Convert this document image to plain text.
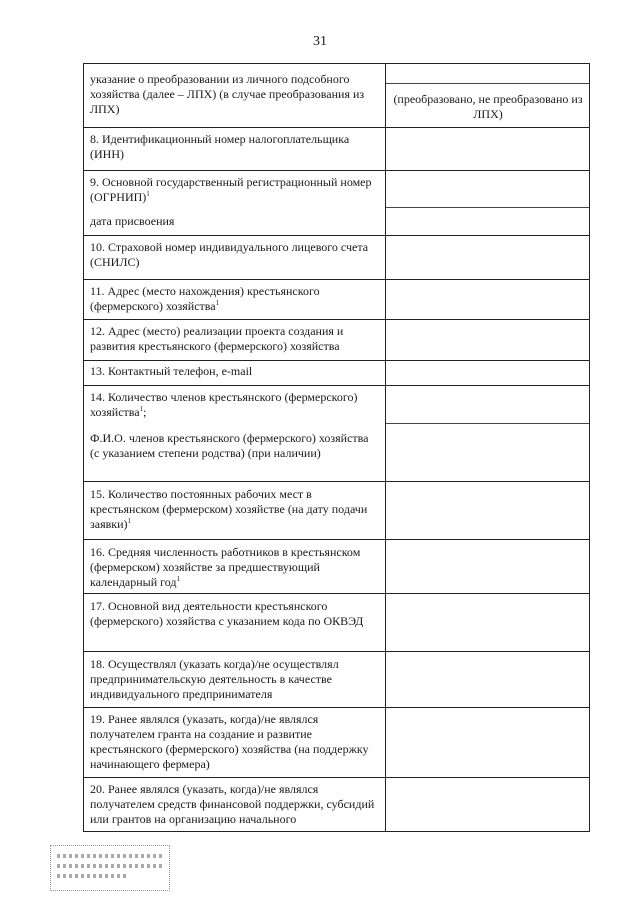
31
указание о преобразовании из личного подсобного хозяйства (далее – ЛПХ) (в случае преобразования из ЛПХ)
(преобразовано, не преобразовано из ЛПХ)
8. Идентификационный номер налогоплательщика (ИНН)
9. Основной государственный регистрационный номер (ОГРНИП)$^1$
дата присвоения
10. Страховой номер индивидуального лицевого счета (СНИЛС)
11. Адрес (место нахождения) крестьянского (фермерского) хозяйства$^1$
12. Адрес (место) реализации проекта создания и развития крестьянского (фермерского) хозяйства
13. Контактный телефон, e-mail
14. Количество членов крестьянского (фермерского) хозяйства$^1$;
Ф.И.О. членов крестьянского (фермерского) хозяйства (с указанием степени родства) (при наличии)
15. Количество постоянных рабочих мест в крестьянском (фермерском) хозяйстве (на дату подачи заявки)$^1$
16. Средняя численность работников в крестьянском (фермерском) хозяйстве за предшествующий календарный год$^1$
17. Основной вид деятельности крестьянского (фермерского) хозяйства с указанием кода по ОКВЭД
18. Осуществлял (указать когда)/не осуществлял предпринимательскую деятельность в качестве индивидуального предпринимателя
19. Ранее являлся (указать, когда)/не являлся получателем гранта на создание и развитие крестьянского (фермерского) хозяйства (на поддержку начинающего фермера)
20. Ранее являлся (указать, когда)/не являлся получателем средств финансовой поддержки, субсидий или грантов на организацию начального
